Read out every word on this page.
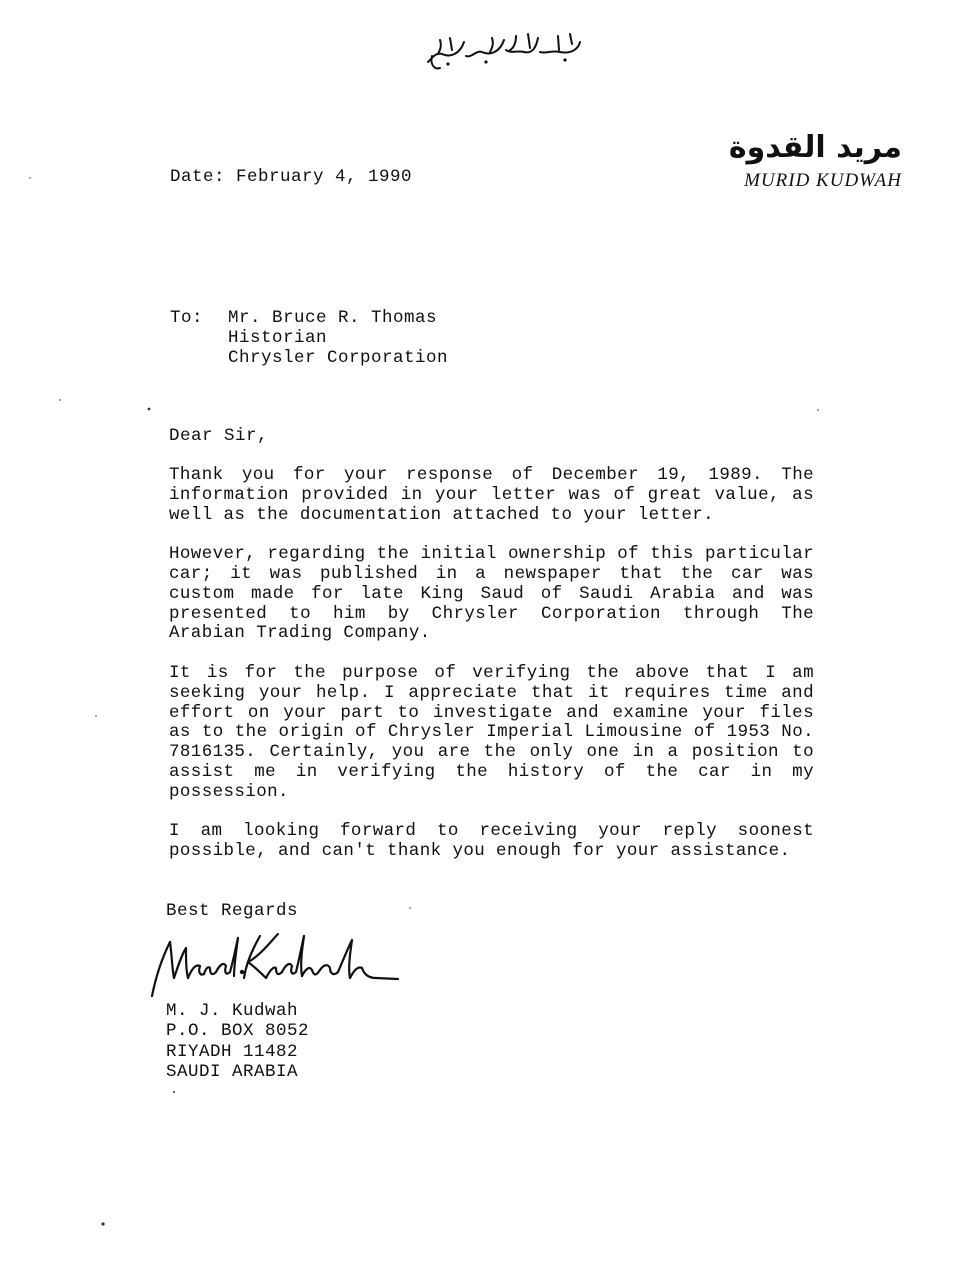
مريد القدوة
MURID KUDWAH
Date: February 4, 1990
To: Mr. Bruce R. Thomas
Historian
Chrysler Corporation
Dear Sir,

Thank you for your response of December 19, 1989. The information provided in your letter was of great value, as well as the documentation attached to your letter.

However, regarding the initial ownership of this particular car; it was published in a newspaper that the car was custom made for late King Saud of Saudi Arabia and was presented to him by Chrysler Corporation through The Arabian Trading Company.

It is for the purpose of verifying the above that I am seeking your help. I appreciate that it requires time and effort on your part to investigate and examine your files as to the origin of Chrysler Imperial Limousine of 1953 No. 7816135. Certainly, you are the only one in a position to assist me in verifying the history of the car in my possession.

I am looking forward to receiving your reply soonest possible, and can't thank you enough for your assistance.

Best Regards
M. J. Kudwah
P.O. BOX 8052
RIYADH 11482
SAUDI ARABIA
